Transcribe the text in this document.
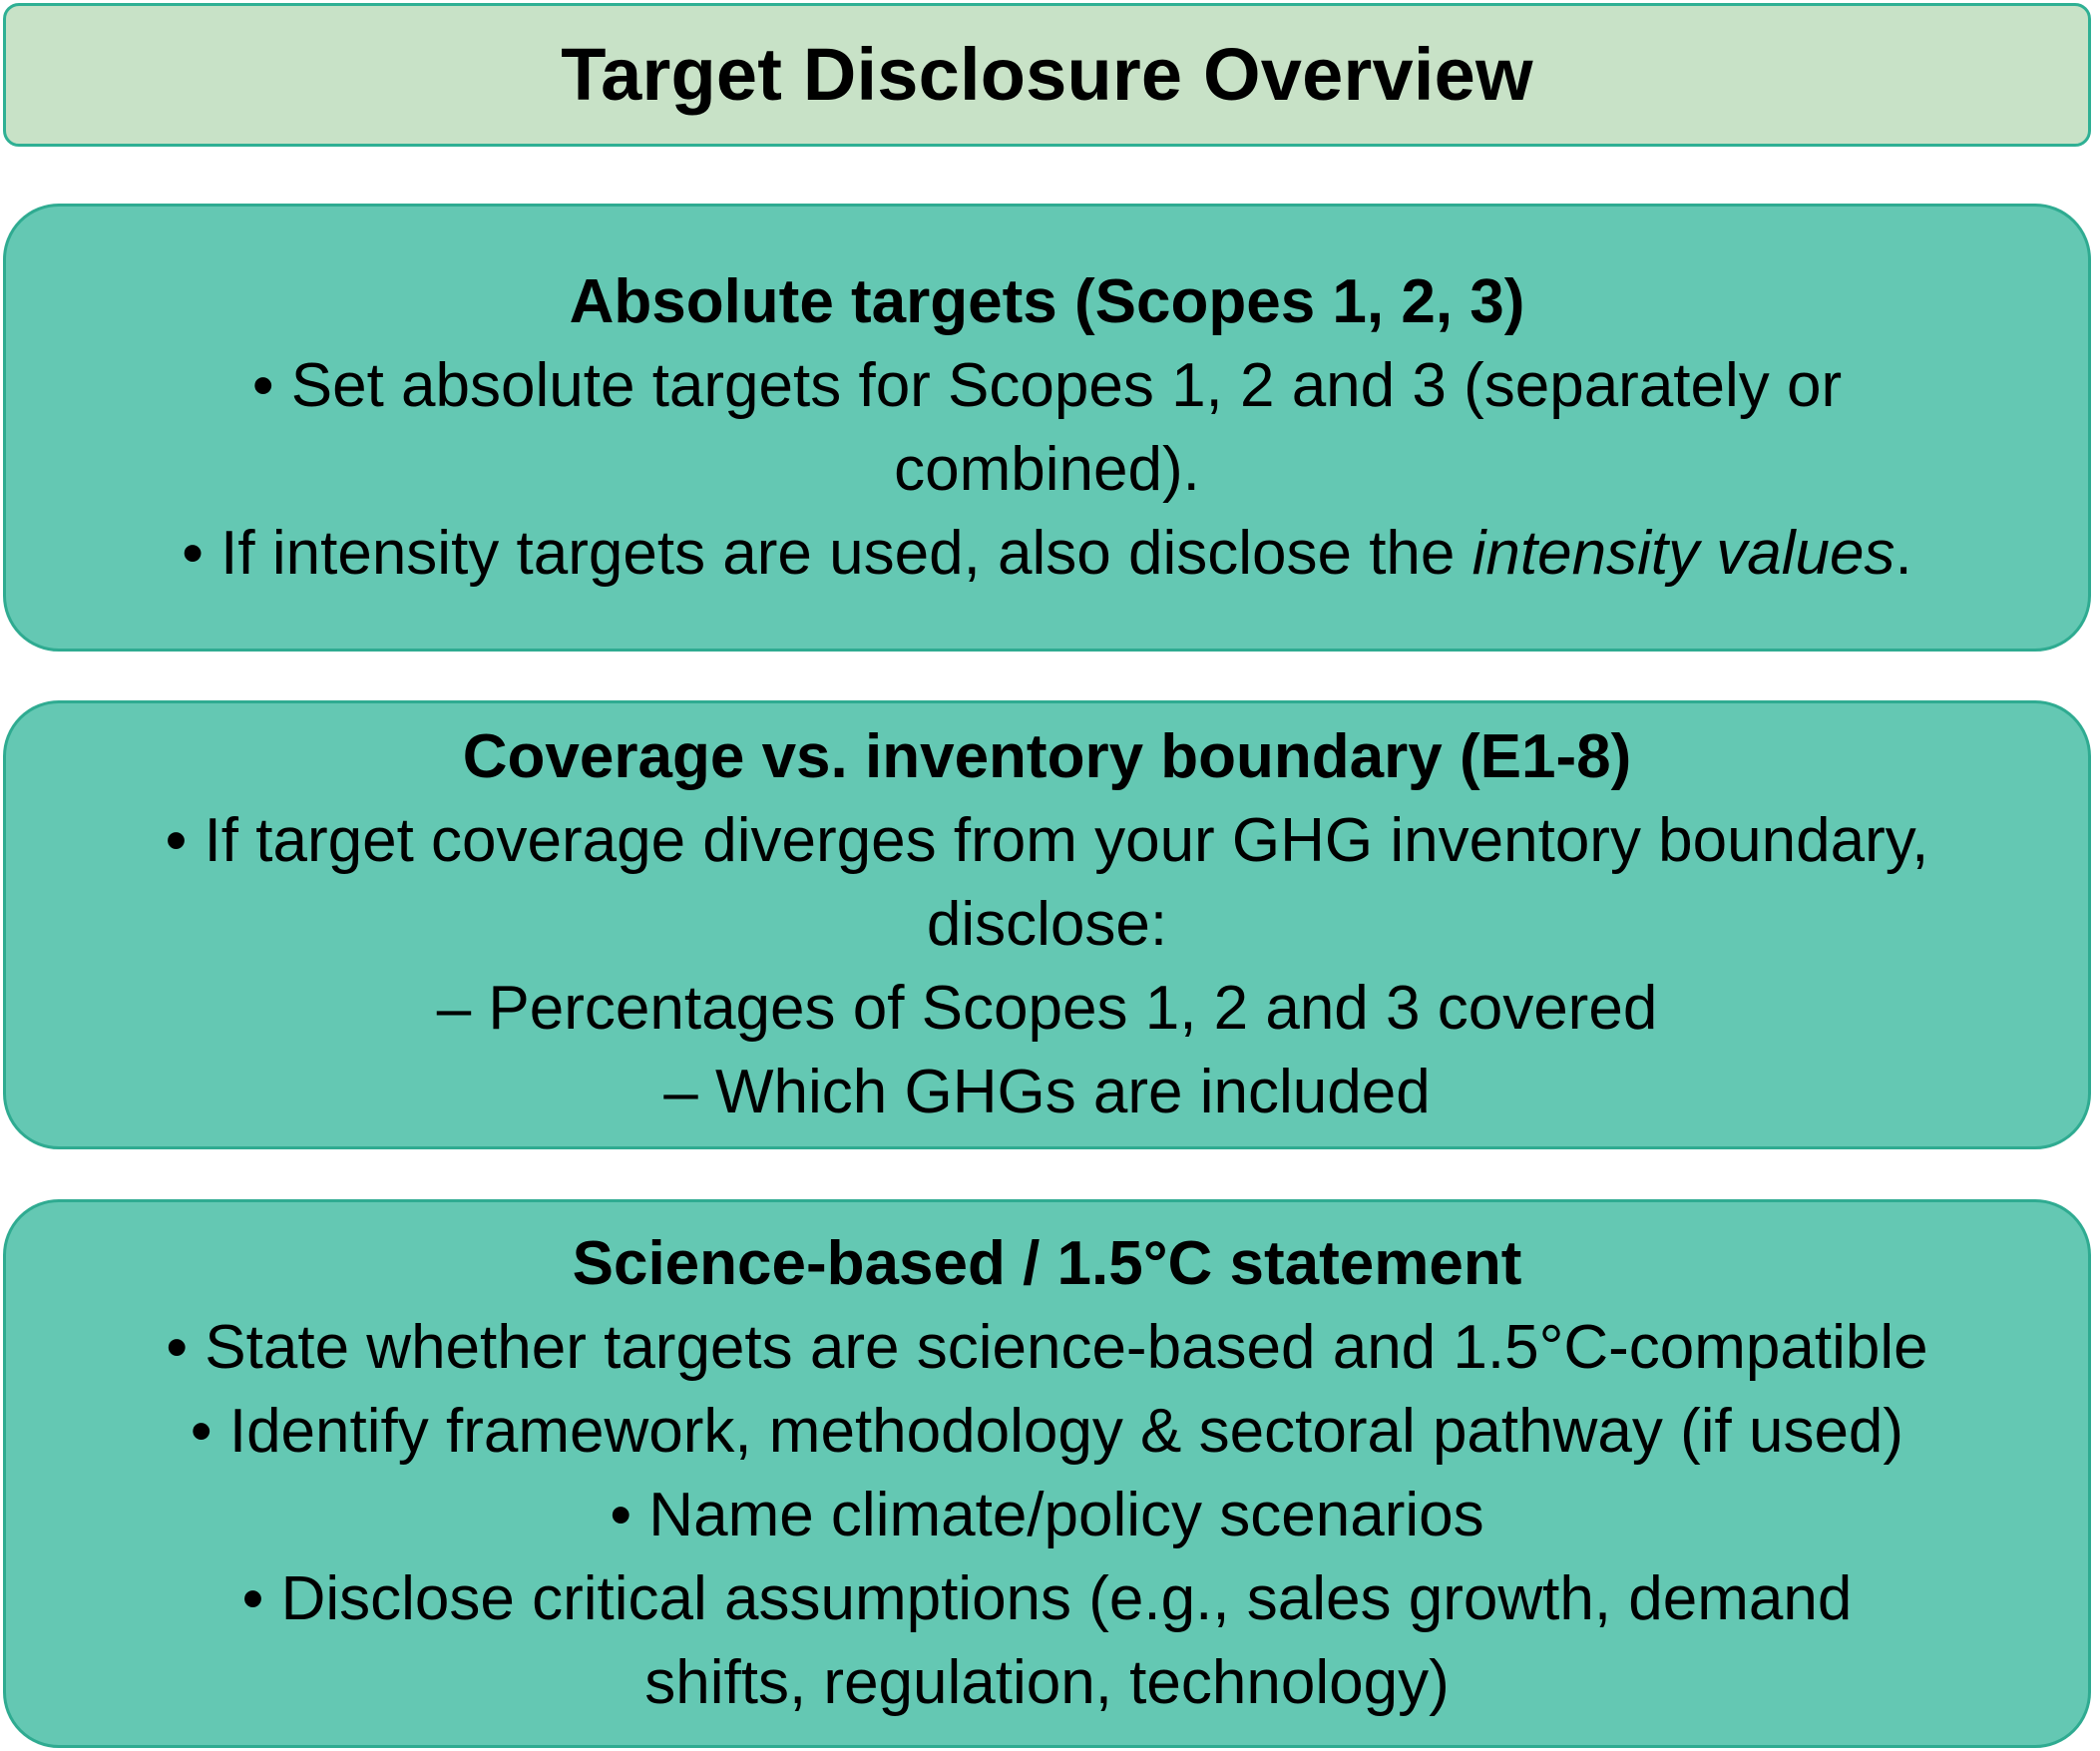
Target Disclosure Overview
Absolute targets (Scopes 1, 2, 3)
• Set absolute targets for Scopes 1, 2 and 3 (separately or
combined).
• If intensity targets are used, also disclose the intensity values.
Coverage vs. inventory boundary (E1-8)
• If target coverage diverges from your GHG inventory boundary,
disclose:
– Percentages of Scopes 1, 2 and 3 covered
– Which GHGs are included
Science-based / 1.5°C statement
• State whether targets are science-based and 1.5°C-compatible
• Identify framework, methodology & sectoral pathway (if used)
• Name climate/policy scenarios
• Disclose critical assumptions (e.g., sales growth, demand
shifts, regulation, technology)
